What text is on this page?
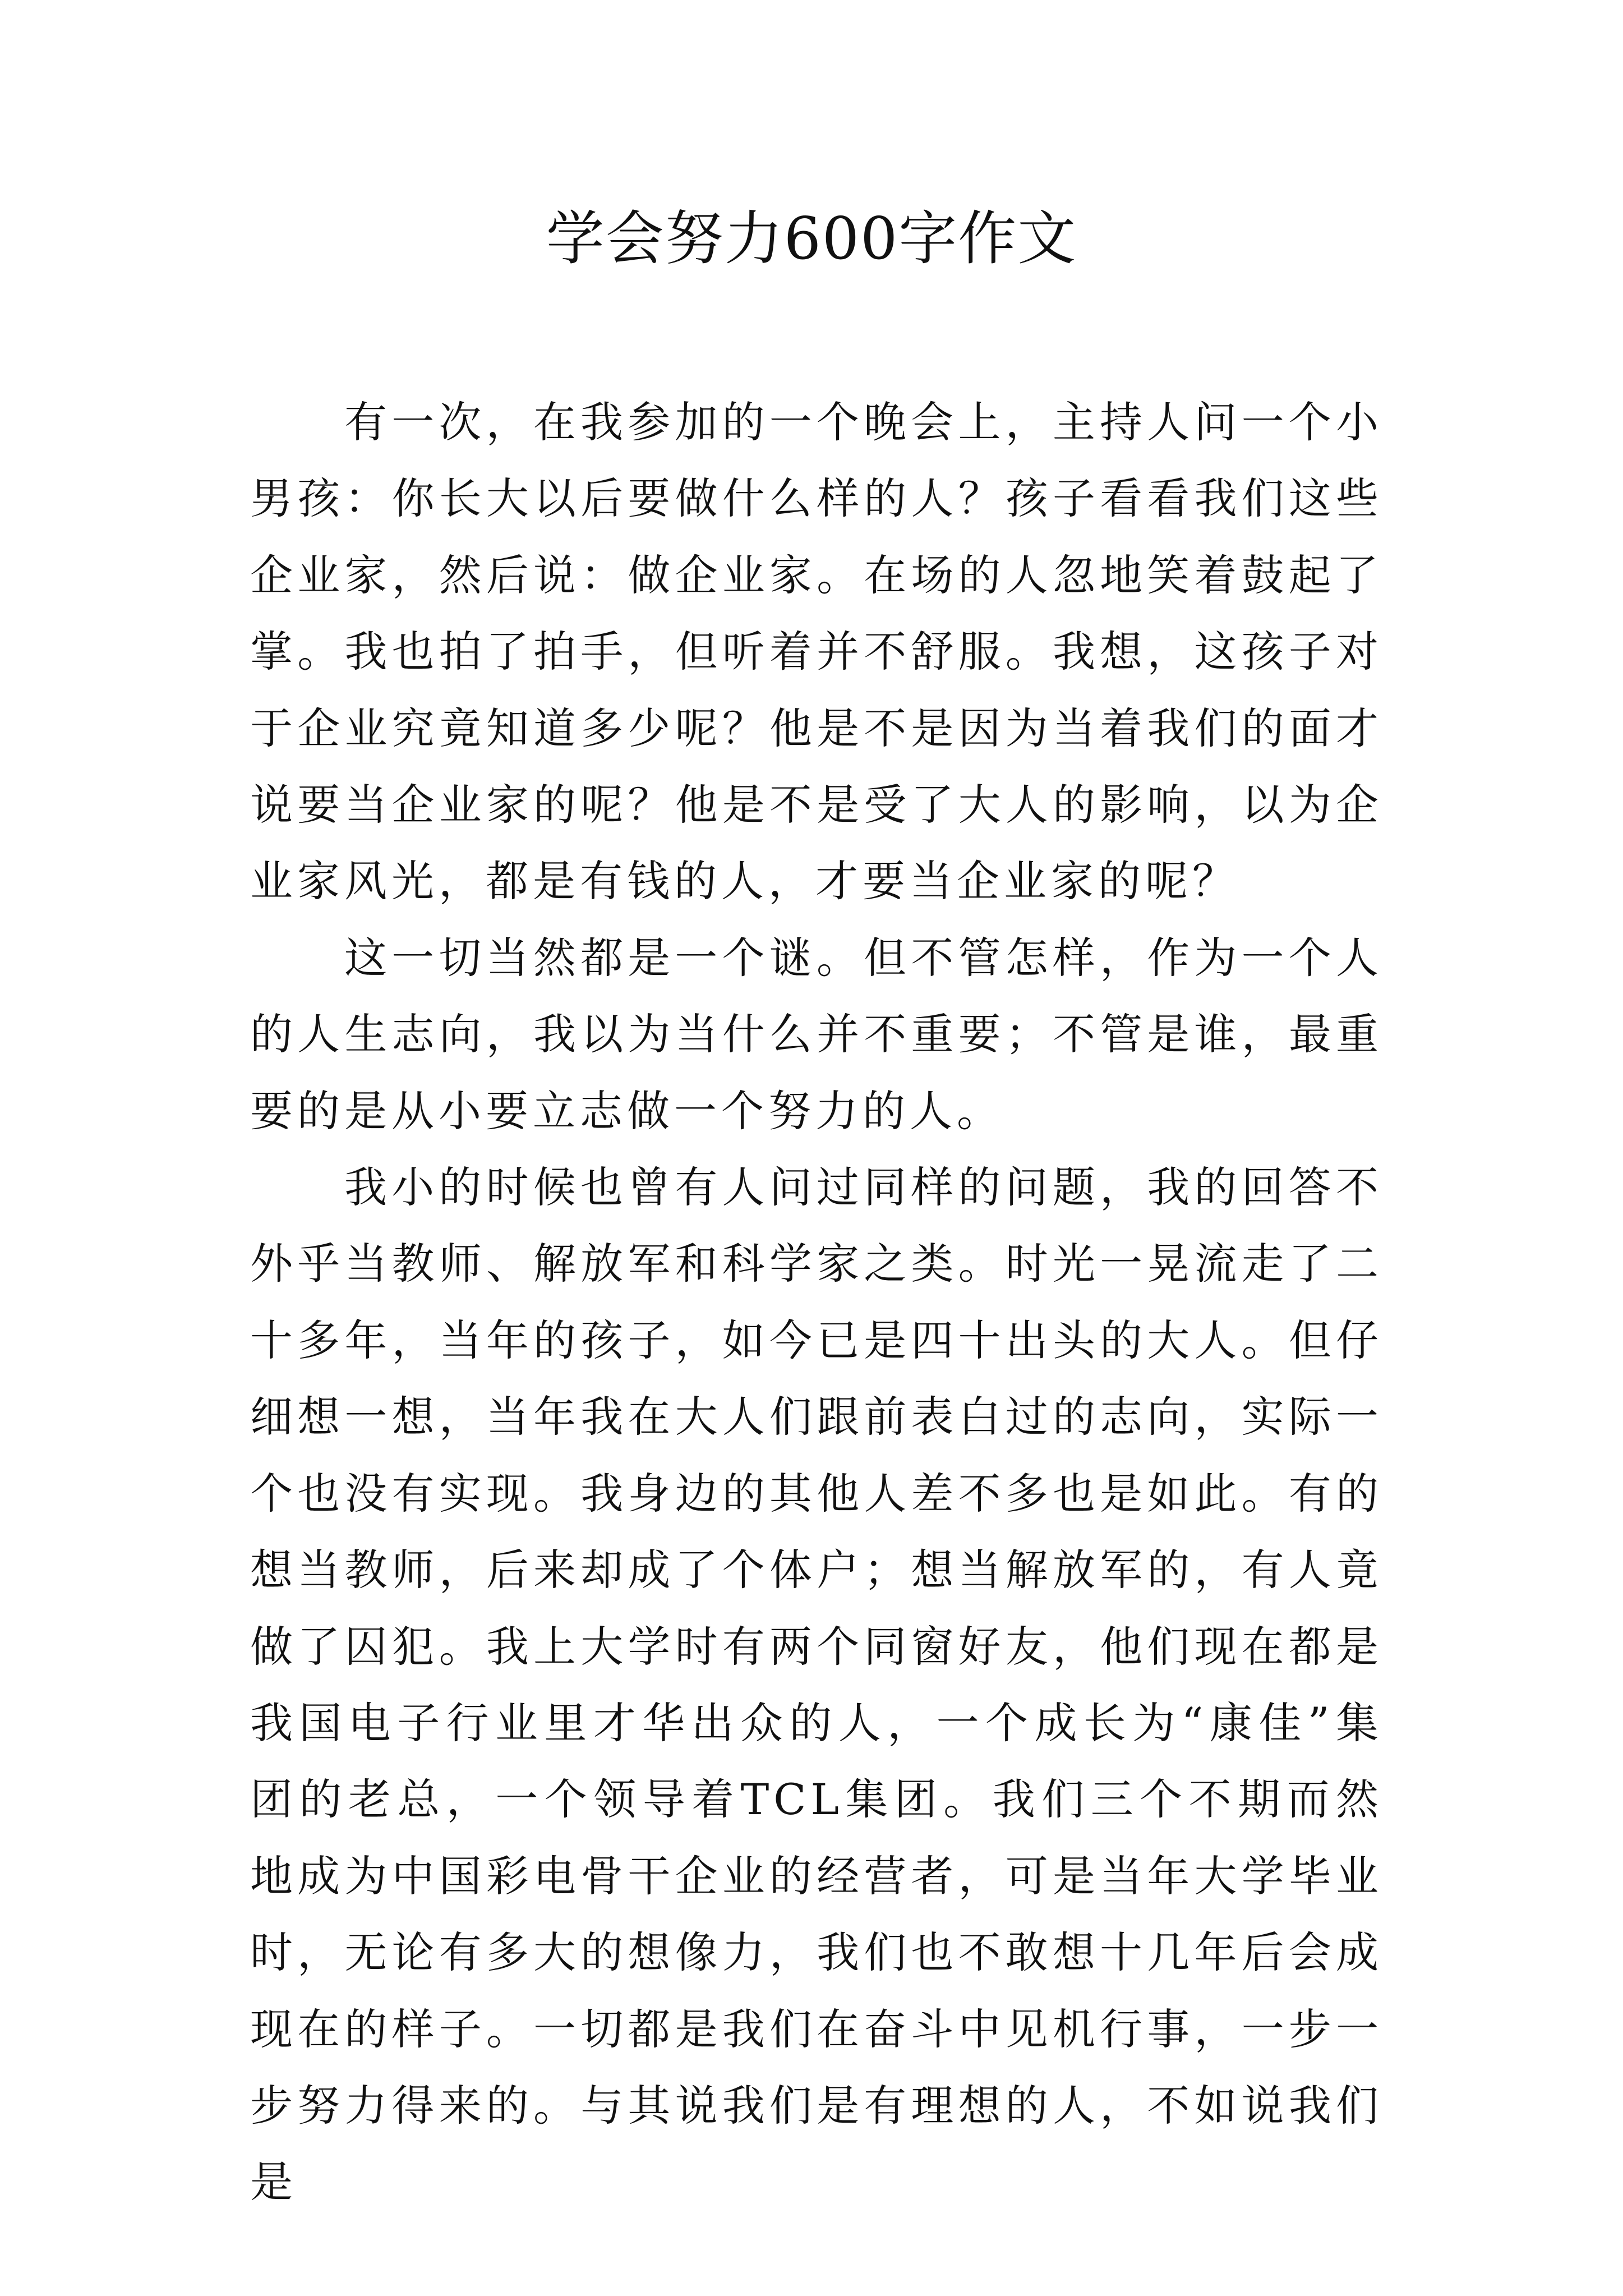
学会努力600字作文

有一次，在我参加的一个晚会上，主持人问一个小男孩：你长大以后要做什么样的人？孩子看看我们这些企业家，然后说：做企业家。在场的人忽地笑着鼓起了掌。我也拍了拍手，但听着并不舒服。我想，这孩子对于企业究竟知道多少呢？他是不是因为当着我们的面才说要当企业家的呢？他是不是受了大人的影响，以为企业家风光，都是有钱的人，才要当企业家的呢？

这一切当然都是一个谜。但不管怎样，作为一个人的人生志向，我以为当什么并不重要；不管是谁，最重要的是从小要立志做一个努力的人。

我小的时候也曾有人问过同样的问题，我的回答不外乎当教师、解放军和科学家之类。时光一晃流走了二十多年，当年的孩子，如今已是四十出头的大人。但仔细想一想，当年我在大人们跟前表白过的志向，实际一个也没有实现。我身边的其他人差不多也是如此。有的想当教师，后来却成了个体户；想当解放军的，有人竟做了囚犯。我上大学时有两个同窗好友，他们现在都是我国电子行业里才华出众的人，一个成长为“康佳”集团的老总，一个领导着TCL集团。我们三个不期而然地成为中国彩电骨干企业的经营者，可是当年大学毕业时，无论有多大的想像力，我们也不敢想十几年后会成现在的样子。一切都是我们在奋斗中见机行事，一步一步努力得来的。与其说我们是有理想的人，不如说我们是
